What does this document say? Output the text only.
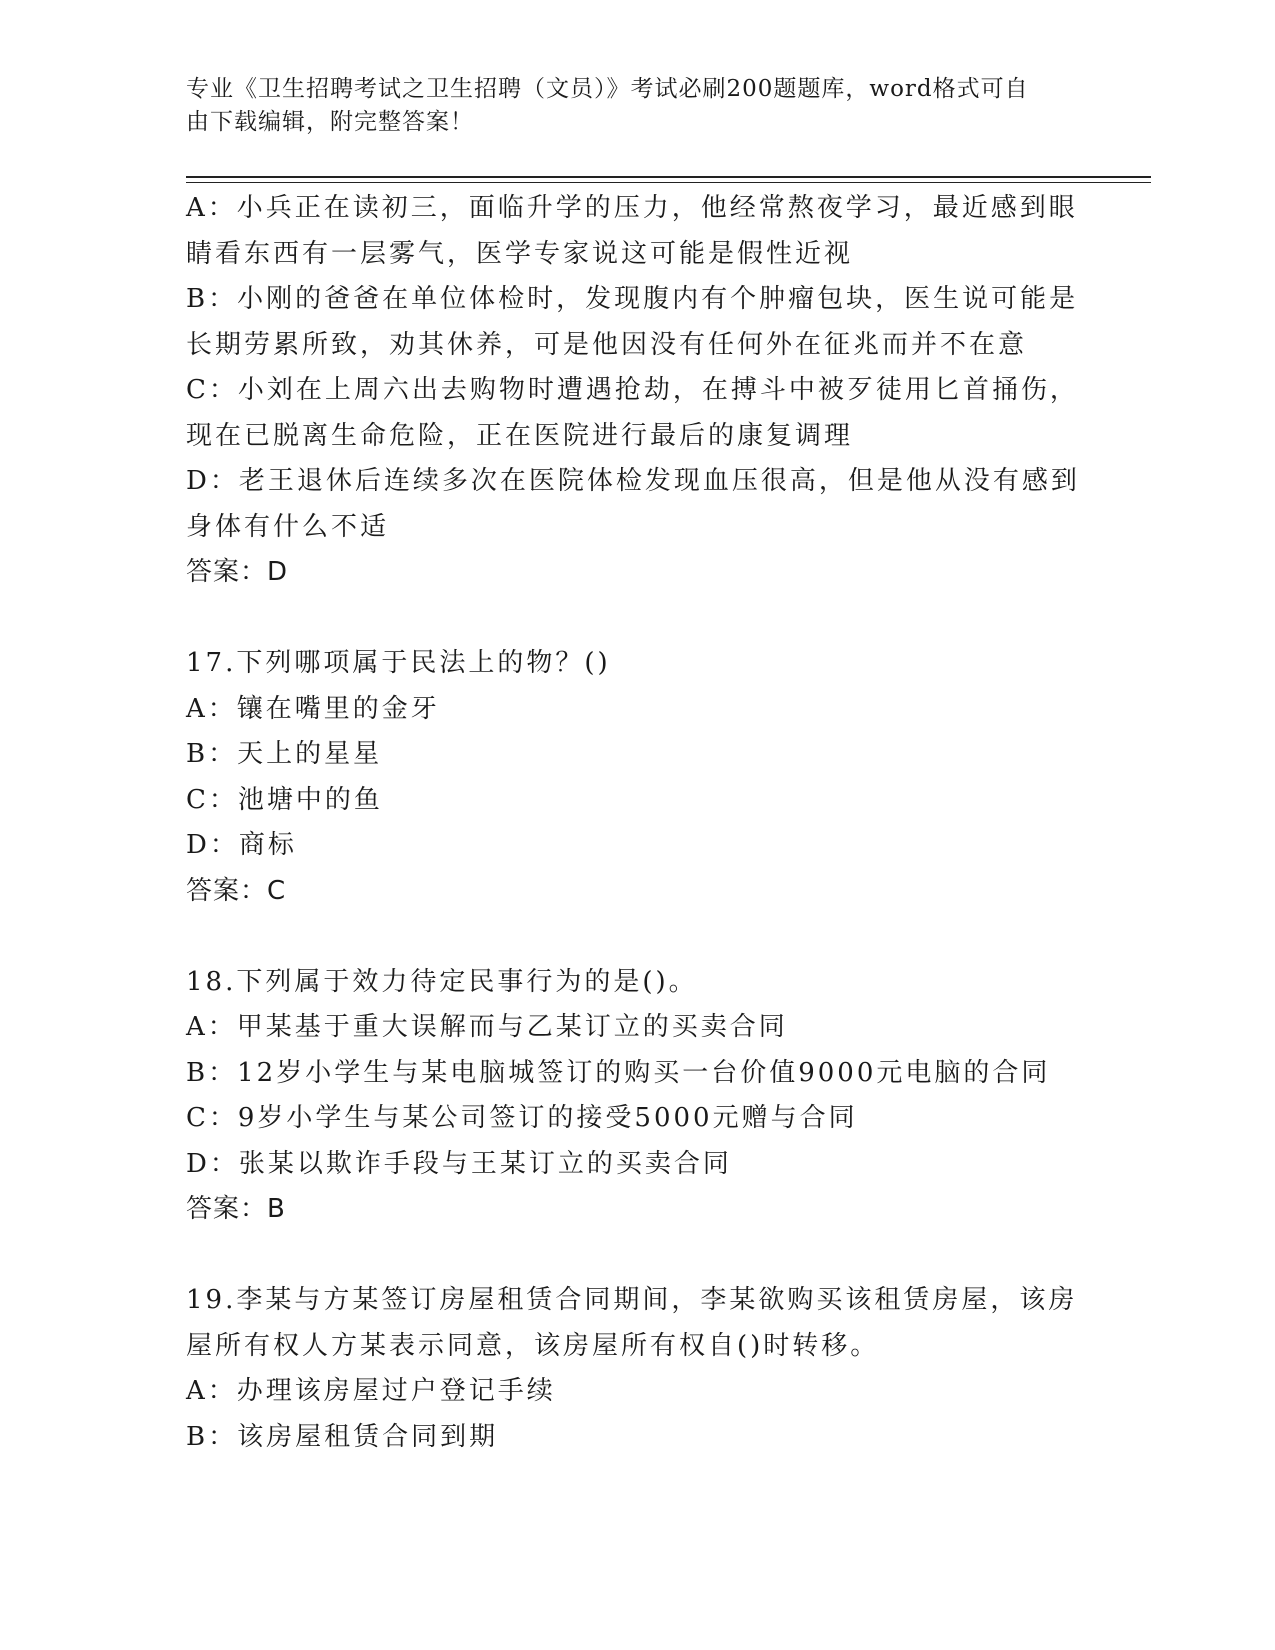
专业《卫生招聘考试之卫生招聘（文员）》考试必刷200题题库，word格式可自
由下载编辑，附完整答案！
A：小兵正在读初三，面临升学的压力，他经常熬夜学习，最近感到眼
睛看东西有一层雾气，医学专家说这可能是假性近视
B：小刚的爸爸在单位体检时，发现腹内有个肿瘤包块，医生说可能是
长期劳累所致，劝其休养，可是他因没有任何外在征兆而并不在意
C：小刘在上周六出去购物时遭遇抢劫，在搏斗中被歹徒用匕首捅伤，
现在已脱离生命危险，正在医院进行最后的康复调理
D：老王退休后连续多次在医院体检发现血压很高，但是他从没有感到
身体有什么不适
答案：D
17.下列哪项属于民法上的物？()
A：镶在嘴里的金牙
B：天上的星星
C：池塘中的鱼
D：商标
答案：C
18.下列属于效力待定民事行为的是()。
A：甲某基于重大误解而与乙某订立的买卖合同
B：12岁小学生与某电脑城签订的购买一台价值9000元电脑的合同
C：9岁小学生与某公司签订的接受5000元赠与合同
D：张某以欺诈手段与王某订立的买卖合同
答案：B
19.李某与方某签订房屋租赁合同期间，李某欲购买该租赁房屋，该房
屋所有权人方某表示同意，该房屋所有权自()时转移。
A：办理该房屋过户登记手续
B：该房屋租赁合同到期
